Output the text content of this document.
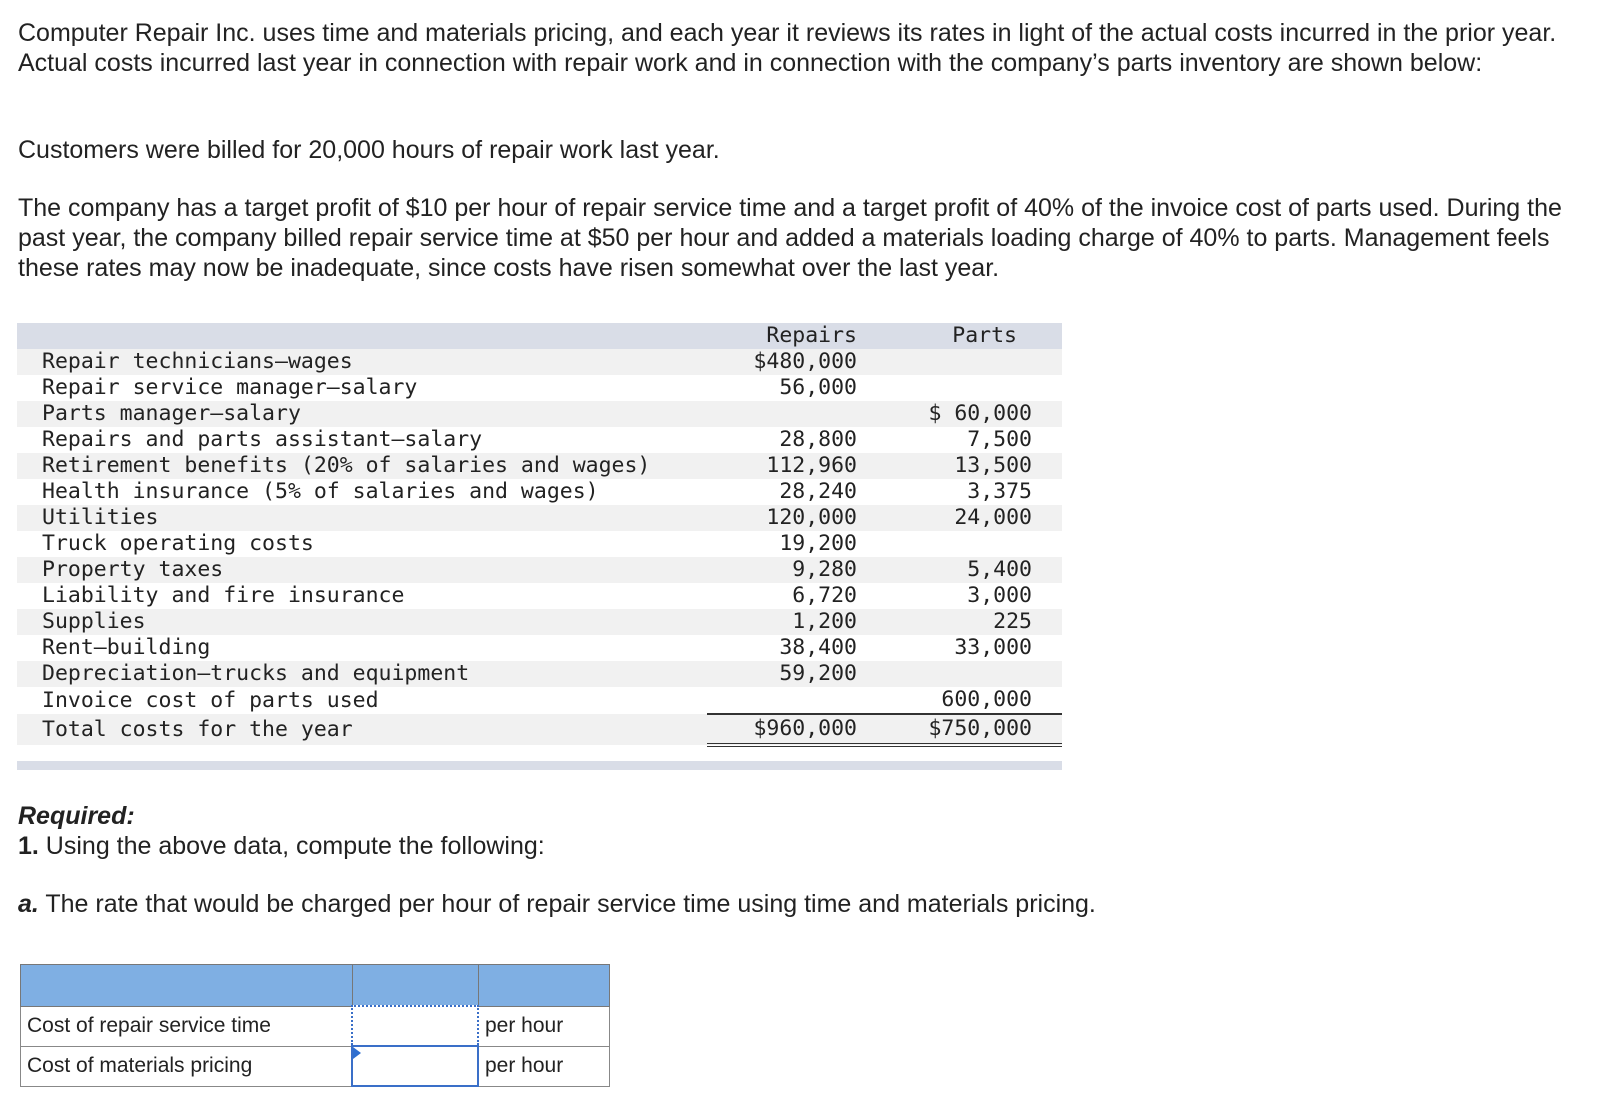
Computer Repair Inc. uses time and materials pricing, and each year it reviews its rates in light of the actual costs incurred in the prior year. Actual costs incurred last year in connection with repair work and in connection with the company’s parts inventory are shown below:

Customers were billed for 20,000 hours of repair work last year.

The company has a target profit of $10 per hour of repair service time and a target profit of 40% of the invoice cost of parts used. During the past year, the company billed repair service time at $50 per hour and added a materials loading charge of 40% to parts. Management feels these rates may now be inadequate, since costs have risen somewhat over the last year.

	Repairs	Parts
Repair technicians—wages	$480,000	
Repair service manager—salary	56,000	
Parts manager—salary		$ 60,000
Repairs and parts assistant—salary	28,800	7,500
Retirement benefits (20% of salaries and wages)	112,960	13,500
Health insurance (5% of salaries and wages)	28,240	3,375
Utilities	120,000	24,000
Truck operating costs	19,200	
Property taxes	9,280	5,400
Liability and fire insurance	6,720	3,000
Supplies	1,200	225
Rent—building	38,400	33,000
Depreciation—trucks and equipment	59,200	
Invoice cost of parts used		600,000
Total costs for the year	$960,000	$750,000

Required:

1. Using the above data, compute the following:

a. The rate that would be charged per hour of repair service time using time and materials pricing.

Cost of repair service time		per hour
Cost of materials pricing		per hour
